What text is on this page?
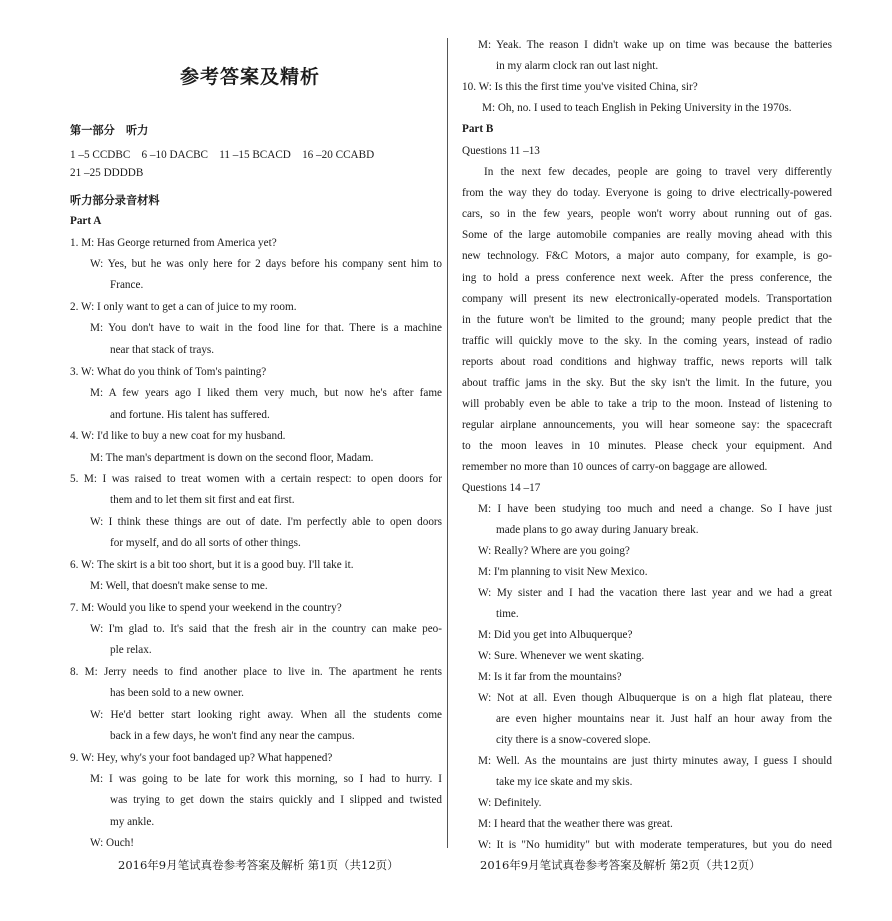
参考答案及精析
第一部分　听力
1 –5 CCDBC　6 –10 DACBC　11 –15 BCACD　16 –20 CCABD
21 –25 DDDDB
听力部分录音材料
Part A
1. M: Has George returned from America yet?
W: Yes, but he was only here for 2 days before his company sent him to
France.
2. W: I only want to get a can of juice to my room.
M: You don't have to wait in the food line for that. There is a machine
near that stack of trays.
3. W: What do you think of Tom's painting?
M: A few years ago I liked them very much, but now he's after fame
and fortune. His talent has suffered.
4. W: I'd like to buy a new coat for my husband.
M: The man's department is down on the second floor, Madam.
5. M: I was raised to treat women with a certain respect: to open doors for
them and to let them sit first and eat first.
W: I think these things are out of date. I'm perfectly able to open doors
for myself, and do all sorts of other things.
6. W: The skirt is a bit too short, but it is a good buy. I'll take it.
M: Well, that doesn't make sense to me.
7. M: Would you like to spend your weekend in the country?
W: I'm glad to. It's said that the fresh air in the country can make peo-
ple relax.
8. M: Jerry needs to find another place to live in. The apartment he rents
has been sold to a new owner.
W: He'd better start looking right away. When all the students come
back in a few days, he won't find any near the campus.
9. W: Hey, why's your foot bandaged up? What happened?
M: I was going to be late for work this morning, so I had to hurry. I
was trying to get down the stairs quickly and I slipped and twisted
my ankle.
W: Ouch!
M: Yeak. The reason I didn't wake up on time was because the batteries
in my alarm clock ran out last night.
10. W: Is this the first time you've visited China, sir?
M: Oh, no. I used to teach English in Peking University in the 1970s.
Part B
Questions 11 –13
In the next few decades, people are going to travel very differently
from the way they do today. Everyone is going to drive electrically-powered
cars, so in the few years, people won't worry about running out of gas.
Some of the large automobile companies are really moving ahead with this
new technology. F&C Motors, a major auto company, for example, is go-
ing to hold a press conference next week. After the press conference, the
company will present its new electronically-operated models. Transportation
in the future won't be limited to the ground; many people predict that the
traffic will quickly move to the sky. In the coming years, instead of radio
reports about road conditions and highway traffic, news reports will talk
about traffic jams in the sky. But the sky isn't the limit. In the future, you
will probably even be able to take a trip to the moon. Instead of listening to
regular airplane announcements, you will hear someone say: the spacecraft
to the moon leaves in 10 minutes. Please check your equipment. And
remember no more than 10 ounces of carry-on baggage are allowed.
Questions 14 –17
M: I have been studying too much and need a change. So I have just
made plans to go away during January break.
W: Really? Where are you going?
M: I'm planning to visit New Mexico.
W: My sister and I had the vacation there last year and we had a great
time.
M: Did you get into Albuquerque?
W: Sure. Whenever we went skating.
M: Is it far from the mountains?
W: Not at all. Even though Albuquerque is on a high flat plateau, there
are even higher mountains near it. Just half an hour away from the
city there is a snow-covered slope.
M: Well. As the mountains are just thirty minutes away, I guess I should
take my ice skate and my skis.
W: Definitely.
M: I heard that the weather there was great.
W: It is "No humidity" but with moderate temperatures, but you do need
2016年9月笔试真卷参考答案及解析 第1页（共12页）	2016年9月笔试真卷参考答案及解析 第2页（共12页）
